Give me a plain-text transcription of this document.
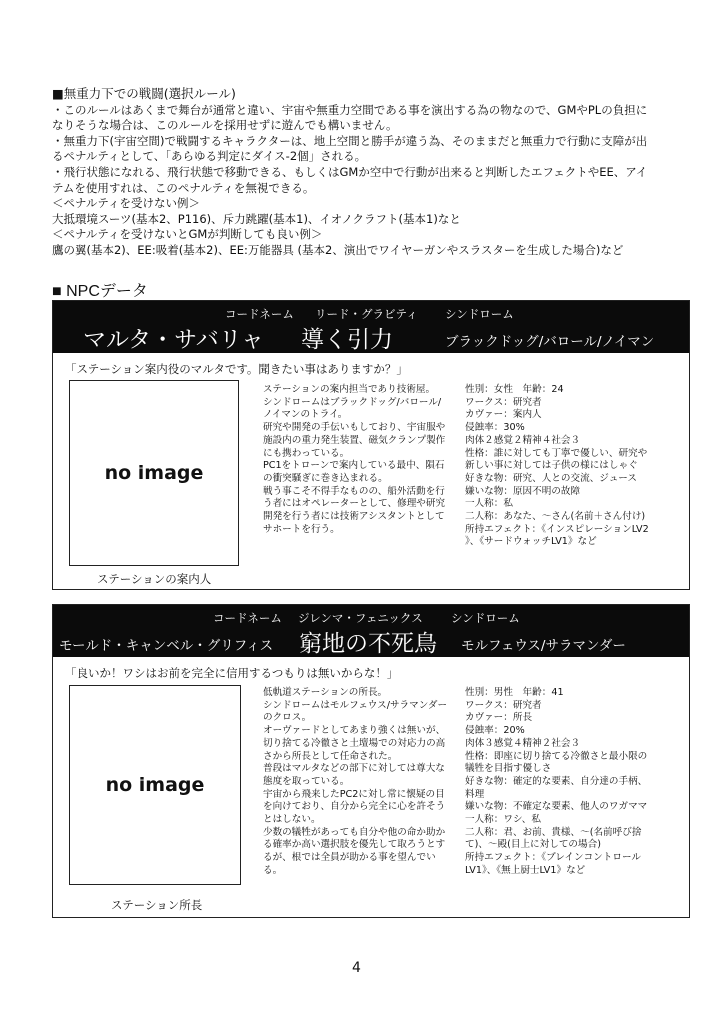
■無重力下での戦闘(選択ルール)

・このルールはあくまで舞台が通常と違い、宇宙や無重力空間である事を演出する為の物なので、GMやPLの負担に

なりそうな場合は、このルールを採用せずに遊んでも構いません。

・無重力下(宇宙空間)で戦闘するキャラクターは、地上空間と勝手が違う為、そのままだと無重力で行動に支障が出

るペナルティとして、「あらゆる判定にダイス-2個」される。

・飛行状態になれる、飛行状態で移動できる、もしくはGMか空中で行動が出来ると判断したエフェクトやEE、アイ

テムを使用すれは、このペナルティを無視できる。

＜ペナルティを受けない例＞

大抵環境スーツ(基本2、P116)、斥力跳躍(基本1)、イオノクラフト(基本1)なと

＜ペナルティを受けないとGMが判断しても良い例＞

鷹の翼(基本2)、EE:吸着(基本2)、EE:万能器具 (基本2、演出でワイヤーガンやスラスターを生成した場合)など

■ NPCデータ
コードネーム リード・グラビティ シンドローム
マルタ・サバリャ 導く引力	ブラックドッグ/バロール/ノイマン
「ステーション案内役のマルタです。聞きたい事はありますか？」
no image
ステーションの案内人
ステーションの案内担当であり技術屋。
シンドロームはブラックドッグ/バロール/
ノイマンのトライ。
研究や開発の手伝いもしており、宇宙服や
施設内の重力発生装置、磁気クランプ製作
にも携わっている。
PC1をトローンで案内している最中、隕石
の衝突騒ぎに巻き込まれる。
戦う事こそ不得手なものの、船外活動を行
う者にはオペレーターとして、修理や研究
開発を行う者には技術アシスタントとして
サホートを行う。
性別：女性　年齢：24
ワークス：研究者
カヴァー：案内人
侵蝕率：30%
肉体２感覚２精神４社会３
性格：誰に対しても丁寧で優しい、研究や
新しい事に対しては子供の様にはしゃぐ
好きな物：研究、人との交流、ジュース
嫌いな物：原因不明の故障
一人称：私
二人称：あなた、～さん(名前＋さん付け)
所持エフェクト：《インスピレーションLV2
》、《サードウォッチLV1》など
コードネーム ジレンマ・フェニックス シンドローム
モールド・キャンベル・グリフィス 窮地の不死鳥 モルフェウス/サラマンダー
「良いか！ワシはお前を完全に信用するつもりは無いからな！」
no image
ステーション所長
低軌道ステーションの所長。
シンドロームはモルフェウス/サラマンダー
のクロス。
オーヴァードとしてあまり強くは無いが、
切り捨てる冷徹さと土壇場での対応力の高
さから所長として任命された。
普段はマルタなどの部下に対しては尊大な
態度を取っている。
宇宙から飛来したPC2に対し常に懐疑の目
を向けており、自分から完全に心を許そう
とはしない。
少数の犠牲があっても自分や他の命か助か
る確率か高い選択肢を優先して取ろうとす
るが、根では全員が助かる事を望んでい
る。
性別：男性　年齢：41
ワークス：研究者
カヴァー：所長
侵蝕率：20%
肉体３感覚４精神２社会３
性格：即座に切り捨てる冷徹さと最小限の
犠牲を目指す優しさ
好きな物：確定的な要素、自分達の手柄、
料理
嫌いな物：不確定な要素、他人のワガママ
一人称：ワシ、私
二人称：君、お前、貴様、～(名前呼び捨
て)、～殿(目上に対しての場合)
所持エフェクト：《ブレインコントロール
LV1》、《無上厨士LV1》など
4
